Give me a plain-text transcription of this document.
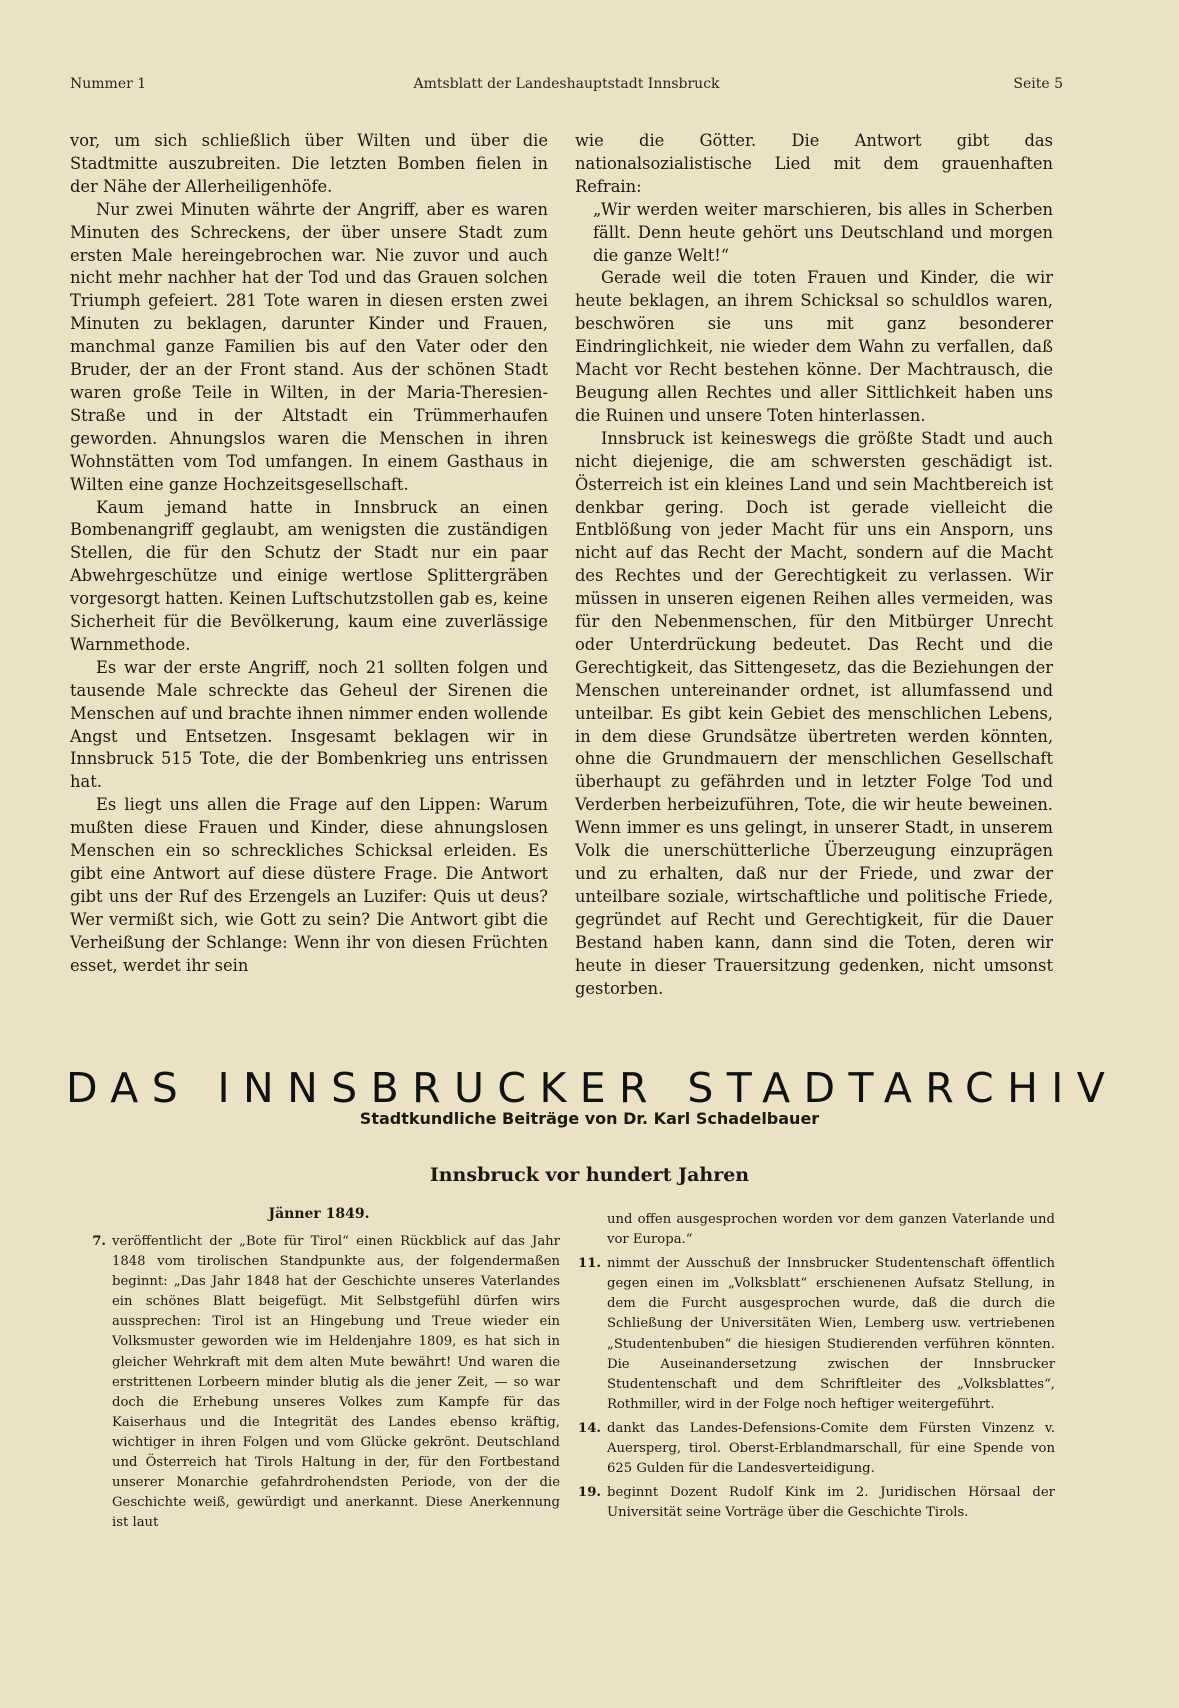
Nummer 1	Amtsblatt der Landeshauptstadt Innsbruck	Seite 5

vor, um sich schließlich über Wilten und über die Stadtmitte auszubreiten. Die letzten Bomben fielen in der Nähe der Allerheiligenhöfe.

Nur zwei Minuten währte der Angriff, aber es waren Minuten des Schreckens, der über unsere Stadt zum ersten Male hereingebrochen war. Nie zuvor und auch nicht mehr nachher hat der Tod und das Grauen solchen Triumph gefeiert. 281 Tote waren in diesen ersten zwei Minuten zu beklagen, darunter Kinder und Frauen, manchmal ganze Familien bis auf den Vater oder den Bruder, der an der Front stand. Aus der schönen Stadt waren große Teile in Wilten, in der Maria-Theresien-Straße und in der Altstadt ein Trümmerhaufen geworden. Ahnungslos waren die Menschen in ihren Wohnstätten vom Tod umfangen. In einem Gasthaus in Wilten eine ganze Hochzeitsgesellschaft.

Kaum jemand hatte in Innsbruck an einen Bombenangriff geglaubt, am wenigsten die zuständigen Stellen, die für den Schutz der Stadt nur ein paar Abwehrgeschütze und einige wertlose Splittergräben vorgesorgt hatten. Keinen Luftschutzstollen gab es, keine Sicherheit für die Bevölkerung, kaum eine zuverlässige Warnmethode.

Es war der erste Angriff, noch 21 sollten folgen und tausende Male schreckte das Geheul der Sirenen die Menschen auf und brachte ihnen nimmer enden wollende Angst und Entsetzen. Insgesamt beklagen wir in Innsbruck 515 Tote, die der Bombenkrieg uns entrissen hat.

Es liegt uns allen die Frage auf den Lippen: Warum mußten diese Frauen und Kinder, diese ahnungslosen Menschen ein so schreckliches Schicksal erleiden. Es gibt eine Antwort auf diese düstere Frage. Die Antwort gibt uns der Ruf des Erzengels an Luzifer: Quis ut deus? Wer vermißt sich, wie Gott zu sein? Die Antwort gibt die Verheißung der Schlange: Wenn ihr von diesen Früchten esset, werdet ihr sein

wie die Götter. Die Antwort gibt das nationalsozialistische Lied mit dem grauenhaften Refrain:

„Wir werden weiter marschieren, bis alles in Scherben fällt. Denn heute gehört uns Deutschland und morgen die ganze Welt!“

Gerade weil die toten Frauen und Kinder, die wir heute beklagen, an ihrem Schicksal so schuldlos waren, beschwören sie uns mit ganz besonderer Eindringlichkeit, nie wieder dem Wahn zu verfallen, daß Macht vor Recht bestehen könne. Der Machtrausch, die Beugung allen Rechtes und aller Sittlichkeit haben uns die Ruinen und unsere Toten hinterlassen.

Innsbruck ist keineswegs die größte Stadt und auch nicht diejenige, die am schwersten geschädigt ist. Österreich ist ein kleines Land und sein Machtbereich ist denkbar gering. Doch ist gerade vielleicht die Entblößung von jeder Macht für uns ein Ansporn, uns nicht auf das Recht der Macht, sondern auf die Macht des Rechtes und der Gerechtigkeit zu verlassen. Wir müssen in unseren eigenen Reihen alles vermeiden, was für den Nebenmenschen, für den Mitbürger Unrecht oder Unterdrückung bedeutet. Das Recht und die Gerechtigkeit, das Sittengesetz, das die Beziehungen der Menschen untereinander ordnet, ist allumfassend und unteilbar. Es gibt kein Gebiet des menschlichen Lebens, in dem diese Grundsätze übertreten werden könnten, ohne die Grundmauern der menschlichen Gesellschaft überhaupt zu gefährden und in letzter Folge Tod und Verderben herbeizuführen, Tote, die wir heute beweinen. Wenn immer es uns gelingt, in unserer Stadt, in unserem Volk die unerschütterliche Überzeugung einzuprägen und zu erhalten, daß nur der Friede, und zwar der unteilbare soziale, wirtschaftliche und politische Friede, gegründet auf Recht und Gerechtigkeit, für die Dauer Bestand haben kann, dann sind die Toten, deren wir heute in dieser Trauersitzung gedenken, nicht umsonst gestorben.

DAS INNSBRUCKER STADTARCHIV
Stadtkundliche Beiträge von Dr. Karl Schadelbauer
Innsbruck vor hundert Jahren
Jänner 1849.
7. veröffentlicht der „Bote für Tirol“ einen Rückblick auf das Jahr 1848 vom tirolischen Standpunkte aus, der folgendermaßen beginnt: „Das Jahr 1848 hat der Geschichte unseres Vaterlandes ein schönes Blatt beigefügt. Mit Selbstgefühl dürfen wirs aussprechen: Tirol ist an Hingebung und Treue wieder ein Volksmuster geworden wie im Heldenjahre 1809, es hat sich in gleicher Wehrkraft mit dem alten Mute bewährt! Und waren die erstrittenen Lorbeern minder blutig als die jener Zeit, — so war doch die Erhebung unseres Volkes zum Kampfe für das Kaiserhaus und die Integrität des Landes ebenso kräftig, wichtiger in ihren Folgen und vom Glücke gekrönt. Deutschland und Österreich hat Tirols Haltung in der, für den Fortbestand unserer Monarchie gefahrdrohendsten Periode, von der die Geschichte weiß, gewürdigt und anerkannt. Diese Anerkennung ist laut
und offen ausgesprochen worden vor dem ganzen Vaterlande und vor Europa.“
11. nimmt der Ausschuß der Innsbrucker Studentenschaft öffentlich gegen einen im „Volksblatt“ erschienenen Aufsatz Stellung, in dem die Furcht ausgesprochen wurde, daß die durch die Schließung der Universitäten Wien, Lemberg usw. vertriebenen „Studentenbuben“ die hiesigen Studierenden verführen könnten. Die Auseinandersetzung zwischen der Innsbrucker Studentenschaft und dem Schriftleiter des „Volksblattes“, Rothmiller, wird in der Folge noch heftiger weitergeführt.
14. dankt das Landes-Defensions-Comite dem Fürsten Vinzenz v. Auersperg, tirol. Oberst-Erblandmarschall, für eine Spende von 625 Gulden für die Landesverteidigung.
19. beginnt Dozent Rudolf Kink im 2. Juridischen Hörsaal der Universität seine Vorträge über die Geschichte Tirols.
